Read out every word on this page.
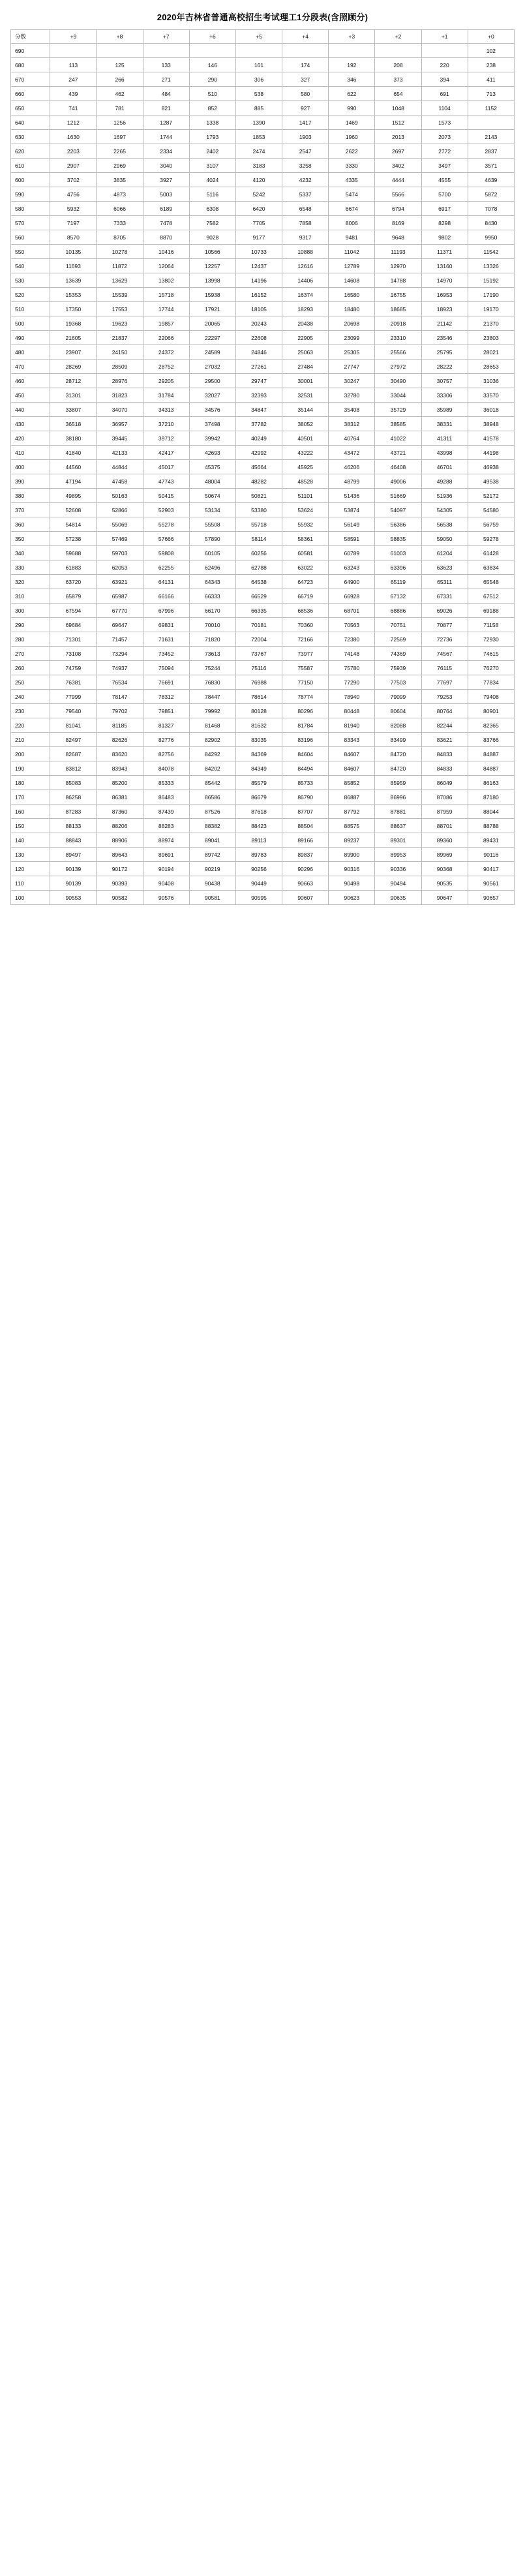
2020年吉林省普通高校招生考试理工1分段表(含照顾分)
分数	+9	+8	+7	+6	+5	+4	+3	+2	+1	+0
690										102
680	113	125	133	146	161	174	192	208	220	238
670	247	266	271	290	306	327	346	373	394	411
660	439	462	484	510	538	580	622	654	691	713
650	741	781	821	852	885	927	990	1048	1104	1152
640	1212	1256	1287	1338	1390	1417	1469	1512	1573	
630	1630	1697	1744	1793	1853	1903	1960	2013	2073	2143
620	2203	2265	2334	2402	2474	2547	2622	2697	2772	2837
610	2907	2969	3040	3107	3183	3258	3330	3402	3497	3571
600	3702	3835	3927	4024	4120	4232	4335	4444	4555	4639
590	4756	4873	5003	5116	5242	5337	5474	5566	5700	5872
580	5932	6066	6189	6308	6420	6548	6674	6794	6917	7078
570	7197	7333	7478	7582	7705	7858	8006	8169	8298	8430
560	8570	8705	8870	9028	9177	9317	9481	9648	9802	9950
550	10135	10278	10416	10566	10733	10888	11042	11193	11371	11542
540	11693	11872	12064	12257	12437	12616	12789	12970	13160	13326
530	13639	13629	13802	13998	14196	14406	14608	14788	14970	15192
520	15353	15539	15718	15938	16152	16374	16580	16755	16953	17190
510	17350	17553	17744	17921	18105	18293	18480	18685	18923	19170
500	19368	19623	19857	20065	20243	20438	20698	20918	21142	21370
490	21605	21837	22066	22297	22608	22905	23099	23310	23546	23803
480	23907	24150	24372	24589	24846	25063	25305	25566	25795	28021
470	28269	28509	28752	27032	27261	27484	27747	27972	28222	28653
460	28712	28976	29205	29500	29747	30001	30247	30490	30757	31036
450	31301	31823	31784	32027	32393	32531	32780	33044	33306	33570
440	33807	34070	34313	34576	34847	35144	35408	35729	35989	36018
430	36518	36957	37210	37498	37782	38052	38312	38585	38331	38948
420	38180	39445	39712	39942	40249	40501	40764	41022	41311	41578
410	41840	42133	42417	42693	42992	43222	43472	43721	43998	44198
400	44560	44844	45017	45375	45664	45925	46206	46408	46701	46938
390	47194	47458	47743	48004	48282	48528	48799	49006	49288	49538
380	49895	50163	50415	50674	50821	51101	51436	51669	51936	52172
370	52608	52866	52903	53134	53380	53624	53874	54097	54305	54580
360	54814	55069	55278	55508	55718	55932	56149	56386	56538	56759
350	57238	57469	57666	57890	58114	58361	58591	58835	59050	59278
340	59688	59703	59808	60105	60256	60581	60789	61003	61204	61428
330	61883	62053	62255	62496	62788	63022	63243	63396	63623	63834
320	63720	63921	64131	64343	64538	64723	64900	65119	65311	65548
310	65879	65987	66166	66333	66529	66719	66928	67132	67331	67512
300	67594	67770	67996	66170	66335	68536	68701	68886	69026	69188
290	69684	69647	69831	70010	70181	70360	70563	70751	70877	71158
280	71301	71457	71631	71820	72004	72166	72380	72569	72736	72930
270	73108	73294	73452	73613	73767	73977	74148	74369	74567	74615
260	74759	74937	75094	75244	75116	75587	75780	75939	76115	76270
250	76381	76534	76691	76830	76988	77150	77290	77503	77697	77834
240	77999	78147	78312	78447	78614	78774	78940	79099	79253	79408
230	79540	79702	79851	79992	80128	80296	80448	80604	80764	80901
220	81041	81185	81327	81468	81632	81784	81940	82088	82244	82365
210	82497	82626	82776	82902	83035	83196	83343	83499	83621	83766
200	82687	83620	82756	84292	84369	84604	84607	84720	84833	84887
190	83812	83943	84078	84202	84349	84494	84607	84720	84833	84887
180	85083	85200	85333	85442	85579	85733	85852	85959	86049	86163
170	86258	86381	86483	86586	86679	86790	86887	86996	87086	87180
160	87283	87360	87439	87526	87618	87707	87792	87881	87959	88044
150	88133	88206	88283	88382	88423	88504	88575	88637	88701	88788
140	88843	88906	88974	89041	89113	89166	89237	89301	89360	89431
130	89497	89643	89691	89742	89783	89837	89900	89953	89969	90116
120	90139	90172	90194	90219	90256	90296	90316	90336	90368	90417
110	90139	90393	90408	90438	90449	90663	90498	90494	90535	90561
100	90553	90582	90576	90581	90595	90607	90623	90635	90647	90657
